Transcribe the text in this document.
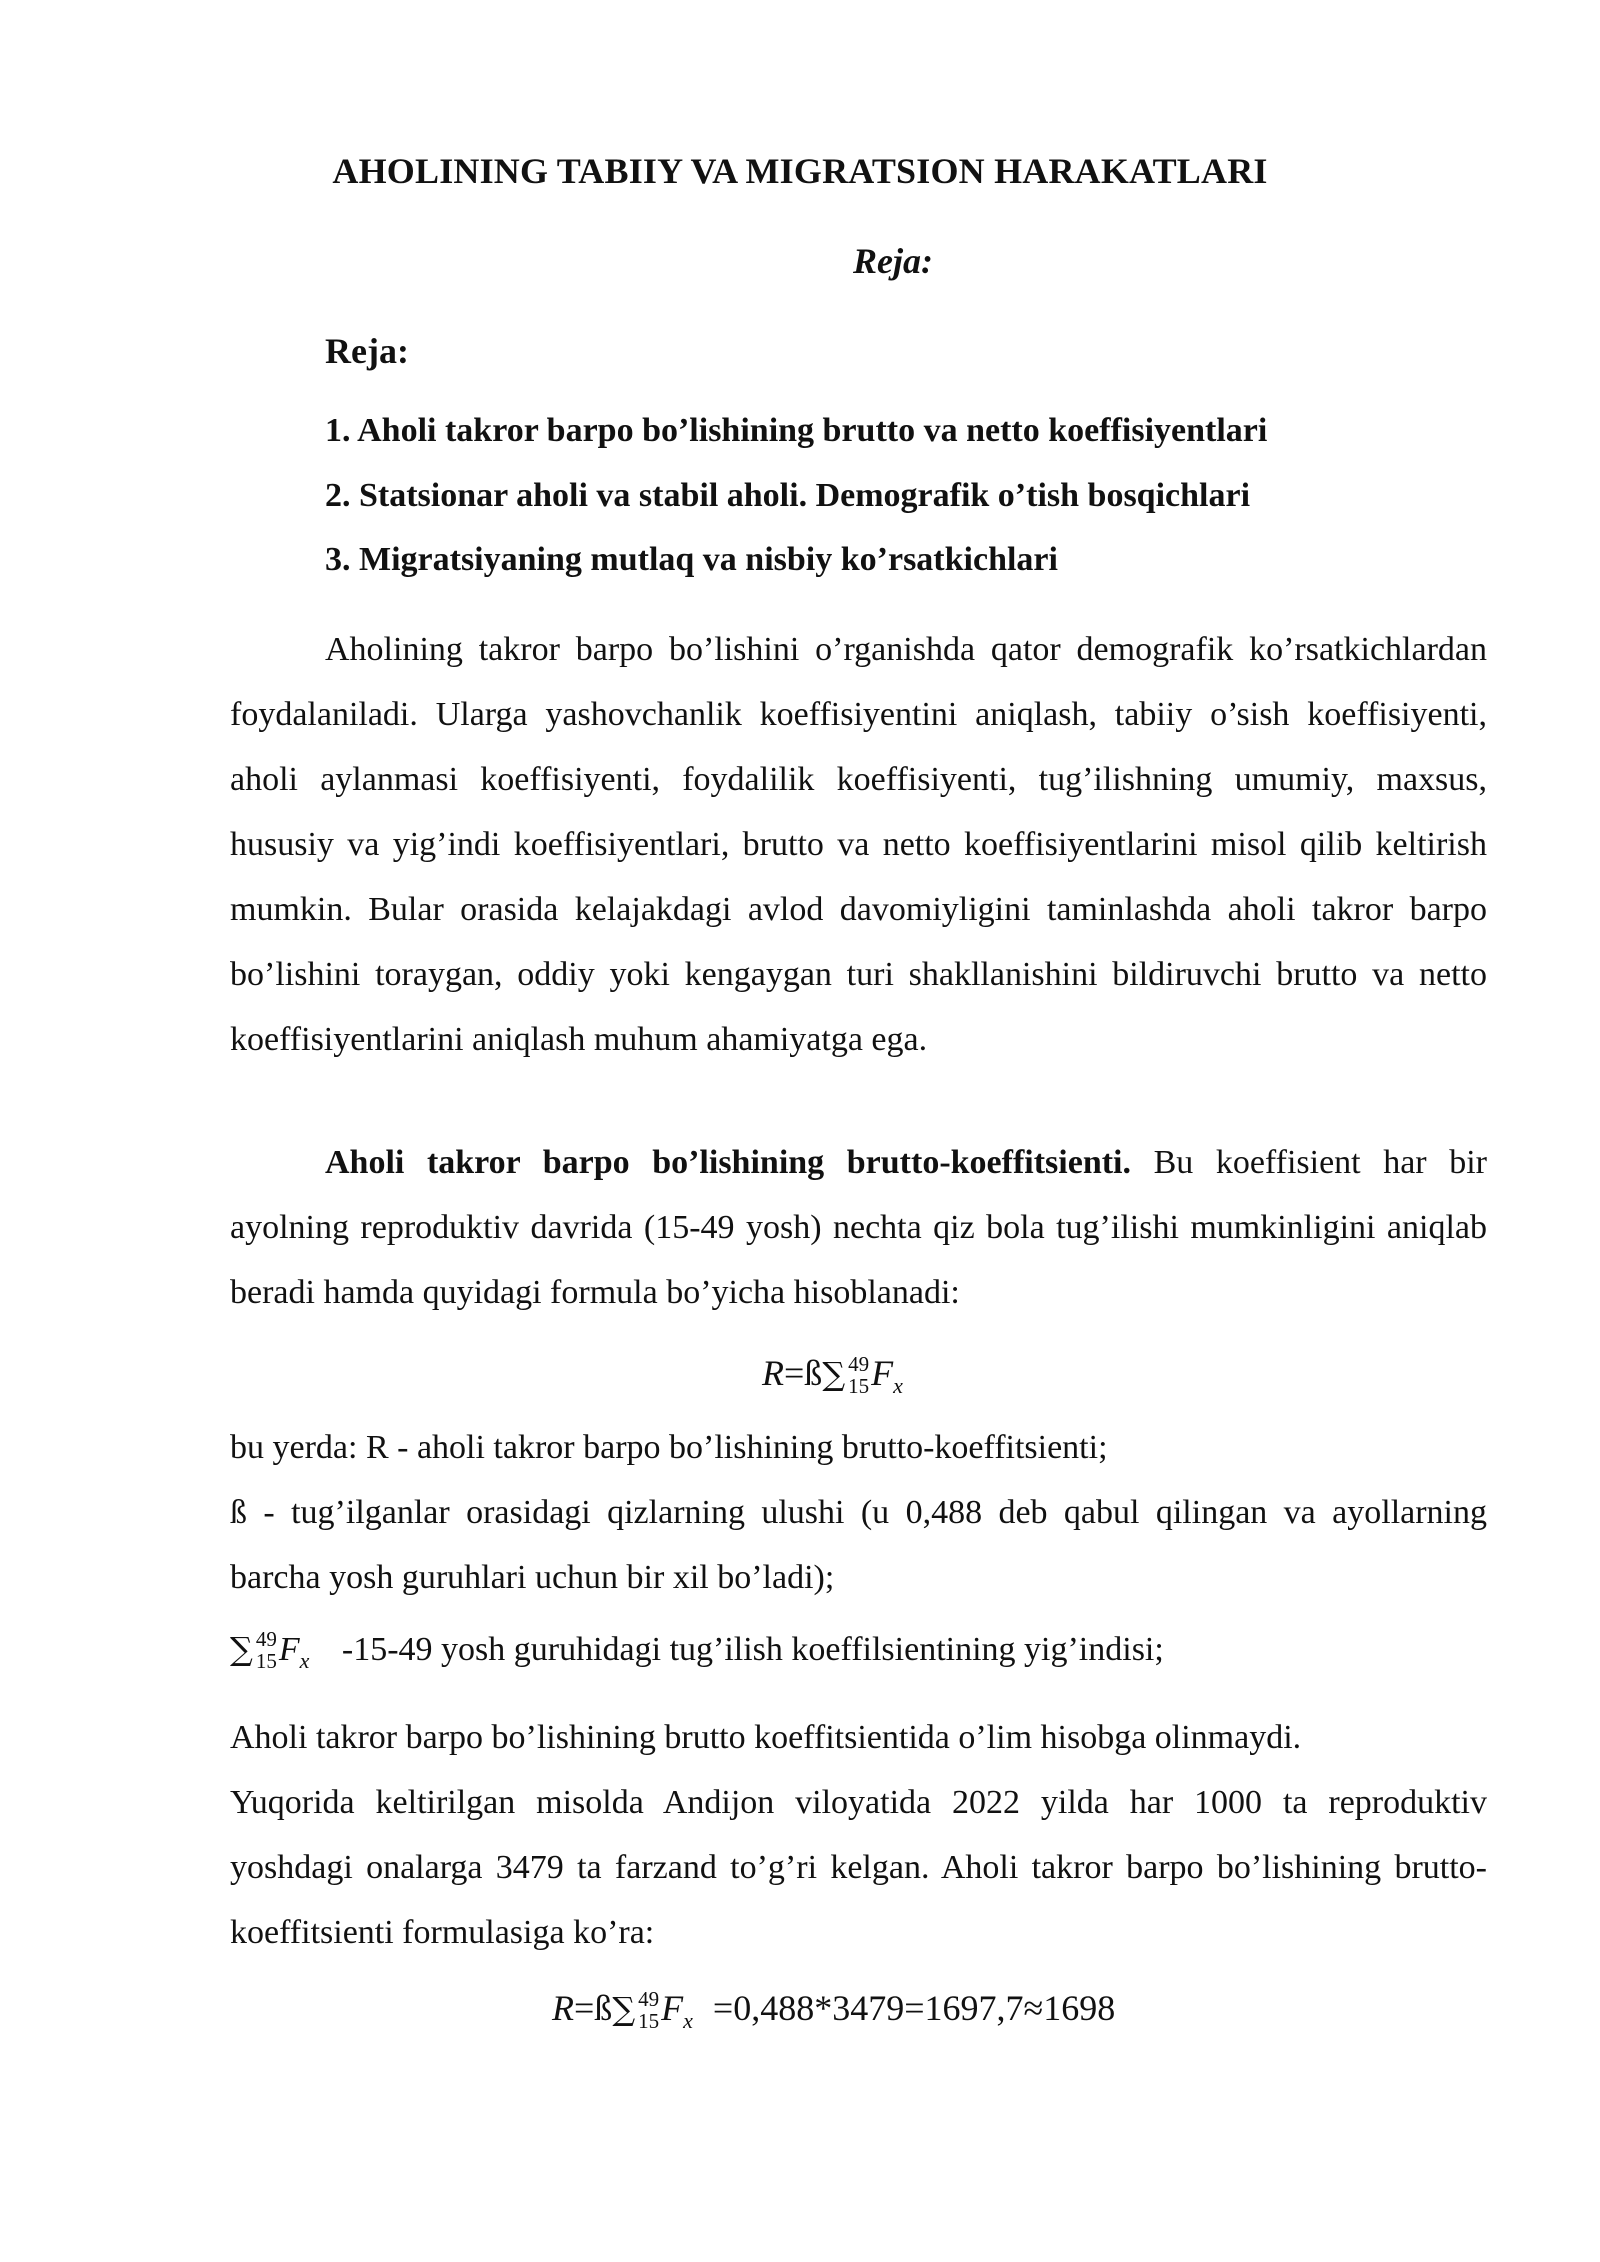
AHOLINING TABIIY VA MIGRATSION HARAKATLARI
Reja:
Reja:
1. Aholi takror barpo bo’lishining brutto va netto koeffisiyentlari
2. Statsionar aholi va stabil aholi. Demografik o’tish bosqichlari
3. Migratsiyaning mutlaq va nisbiy ko’rsatkichlari

Aholining takror barpo bo’lishini o’rganishda qator demografik ko’rsatkichlardan foydalaniladi. Ularga yashovchanlik koeffisiyentini aniqlash, tabiiy o’sish koeffisiyenti, aholi aylanmasi koeffisiyenti, foydalilik koeffisiyenti, tug’ilishning umumiy, maxsus, hususiy va yig’indi koeffisiyentlari, brutto va netto koeffisiyentlarini misol qilib keltirish mumkin. Bular orasida kelajakdagi avlod davomiyligini taminlashda aholi takror barpo bo’lishini toraygan, oddiy yoki kengaygan turi shakllanishini bildiruvchi brutto va netto koeffisiyentlarini aniqlash muhum ahamiyatga ega.

Aholi takror barpo bo’lishining brutto-koeffitsienti. Bu koeffisient har bir ayolning reproduktiv davrida (15-49 yosh) nechta qiz bola tug’ilishi mumkinligini aniqlab beradi hamda quyidagi formula bo’yicha hisoblanadi:

R=ß∑ 49
15 $F_x$
bu yerda: R - aholi takror barpo bo’lishining brutto-koeffitsienti;
ß - tug’ilganlar orasidagi qizlarning ulushi (u 0,488 deb qabul qilingan va ayollarning barcha yosh guruhlari uchun bir xil bo’ladi);
∑ 49
15 $F_x$ -15-49 yosh guruhidagi tug’ilish koeffilsientining yig’indisi;
Aholi takror barpo bo’lishining brutto koeffitsientida o’lim hisobga olinmaydi.

Yuqorida keltirilgan misolda Andijon viloyatida 2022 yilda har 1000 ta reproduktiv yoshdagi onalarga 3479 ta farzand to’g’ri kelgan. Aholi takror barpo bo’lishining brutto-koeffitsienti formulasiga ko’ra:

R=ß∑ 49
15 $F_x =0,488*3479=1697,7\approx 1698$
